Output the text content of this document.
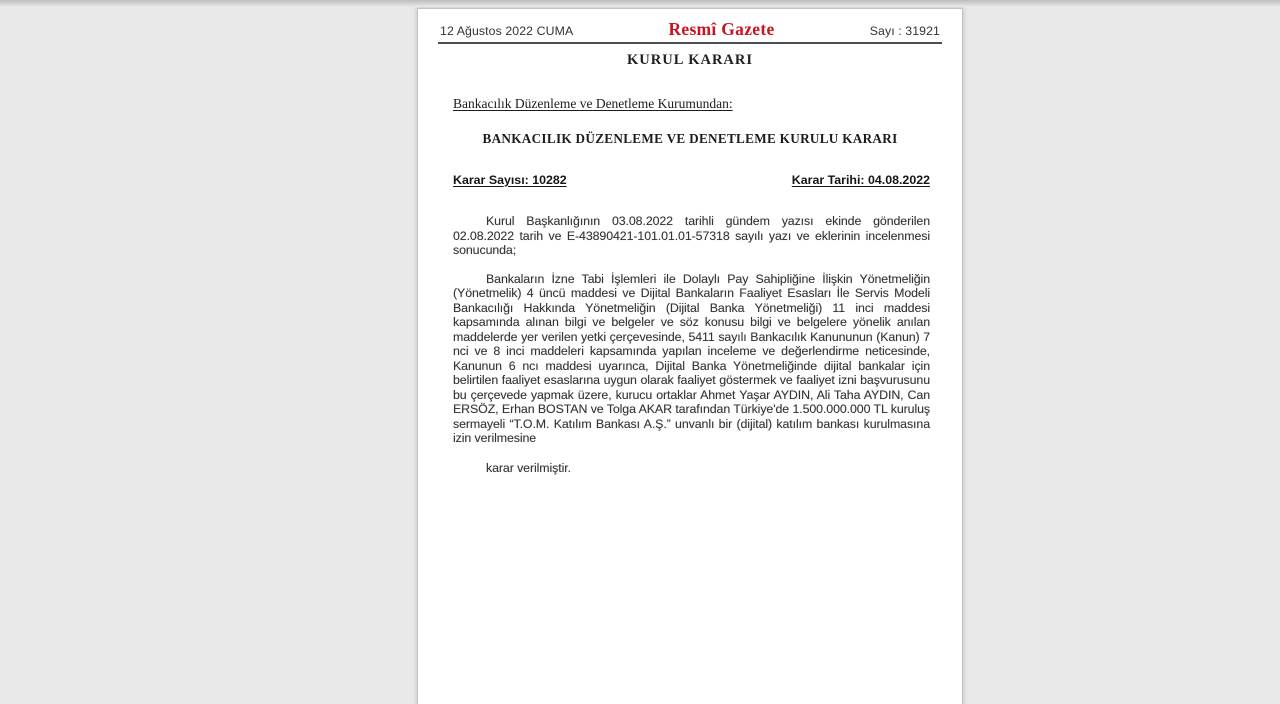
12 Ağustos 2022 CUMA	Resmî Gazete	Sayı : 31921
KURUL KARARI
Bankacılık Düzenleme ve Denetleme Kurumundan:
BANKACILIK DÜZENLEME VE DENETLEME KURULU KARARI
Karar Sayısı: 10282	Karar Tarihi: 04.08.2022
Kurul Başkanlığının 03.08.2022 tarihli gündem yazısı ekinde gönderilen 02.08.2022 tarih ve E-43890421-101.01.01-57318 sayılı yazı ve eklerinin incelenmesi sonucunda;
Bankaların İzne Tabi İşlemleri ile Dolaylı Pay Sahipliğine İlişkin Yönetmeliğin (Yönetmelik) 4 üncü maddesi ve Dijital Bankaların Faaliyet Esasları İle Servis Modeli Bankacılığı Hakkında Yönetmeliğin (Dijital Banka Yönetmeliği) 11 inci maddesi kapsamında alınan bilgi ve belgeler ve söz konusu bilgi ve belgelere yönelik anılan maddelerde yer verilen yetki çerçevesinde, 5411 sayılı Bankacılık Kanununun (Kanun) 7 nci ve 8 inci maddeleri kapsamında yapılan inceleme ve değerlendirme neticesinde, Kanunun 6 ncı maddesi uyarınca, Dijital Banka Yönetmeliğinde dijital bankalar için belirtilen faaliyet esaslarına uygun olarak faaliyet göstermek ve faaliyet izni başvurusunu bu çerçevede yapmak üzere, kurucu ortaklar Ahmet Yaşar AYDIN, Ali Taha AYDIN, Can ERSÖZ, Erhan BOSTAN ve Tolga AKAR tarafından Türkiye'de 1.500.000.000 TL kuruluş sermayeli “T.O.M. Katılım Bankası A.Ş.” unvanlı bir (dijital) katılım bankası kurulmasına izin verilmesine
karar verilmiştir.
